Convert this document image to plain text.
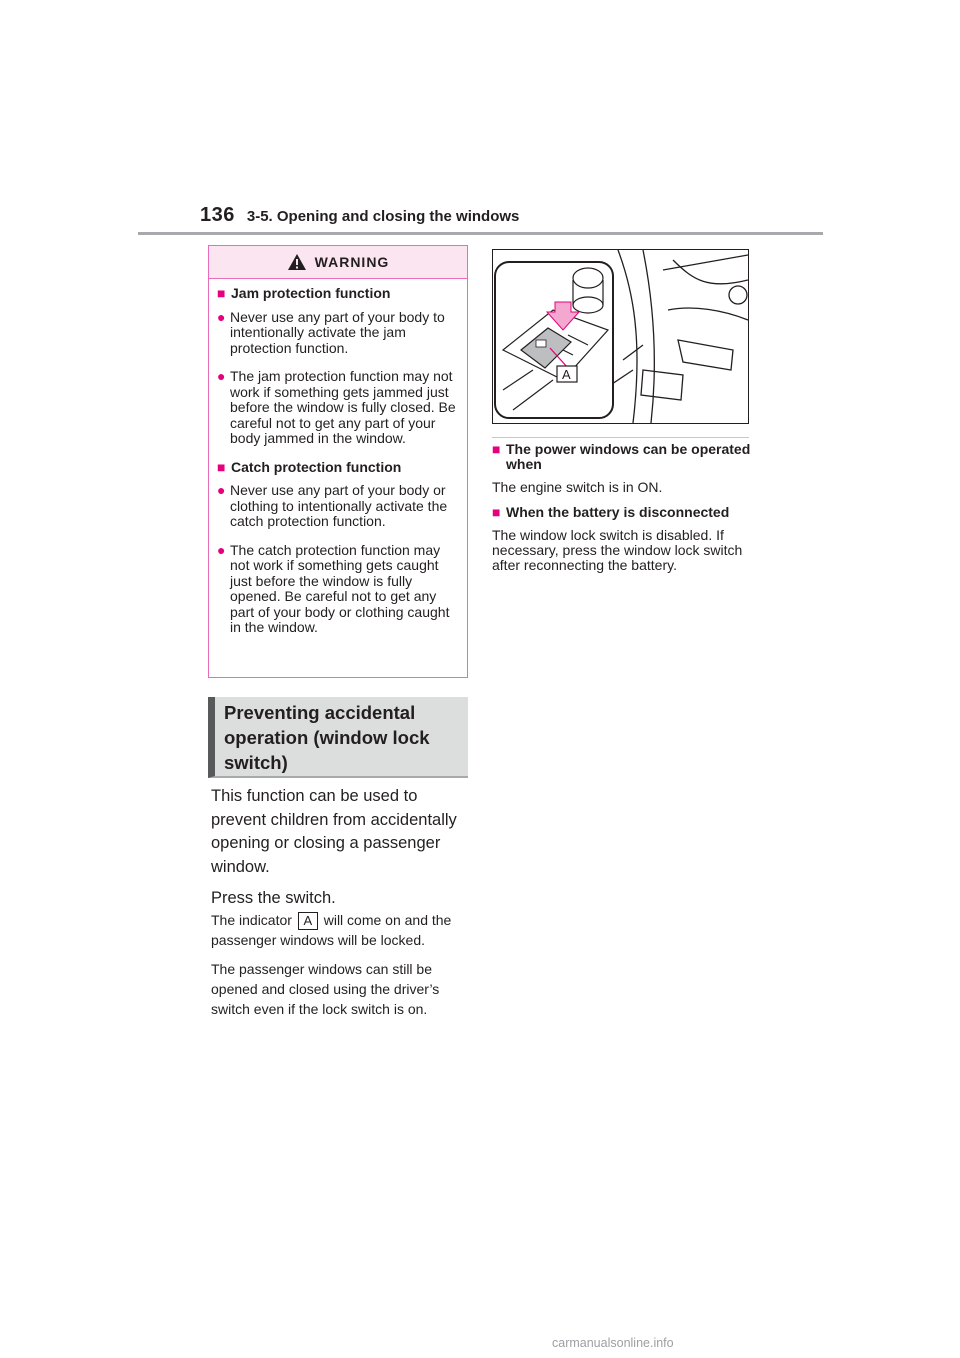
136 3-5. Opening and closing the windows
WARNING
■ Jam protection function
● Never use any part of your body to intentionally activate the jam protection function.
● The jam protection function may not work if something gets jammed just before the window is fully closed. Be careful not to get any part of your body jammed in the window.
■ Catch protection function
● Never use any part of your body or clothing to intentionally activate the catch protection function.
● The catch protection function may not work if something gets caught just before the window is fully opened. Be careful not to get any part of your body or clothing caught in the window.
Preventing accidental operation (window lock switch)

This function can be used to prevent children from accidentally opening or closing a passenger window.

Press the switch.

The indicator A will come on and the passenger windows will be locked.

The passenger windows can still be opened and closed using the driver’s switch even if the lock switch is on.

A
■ The power windows can be operated when

The engine switch is in ON.

■ When the battery is disconnected

The window lock switch is disabled. If necessary, press the window lock switch after reconnecting the battery.

carmanualsonline.info
